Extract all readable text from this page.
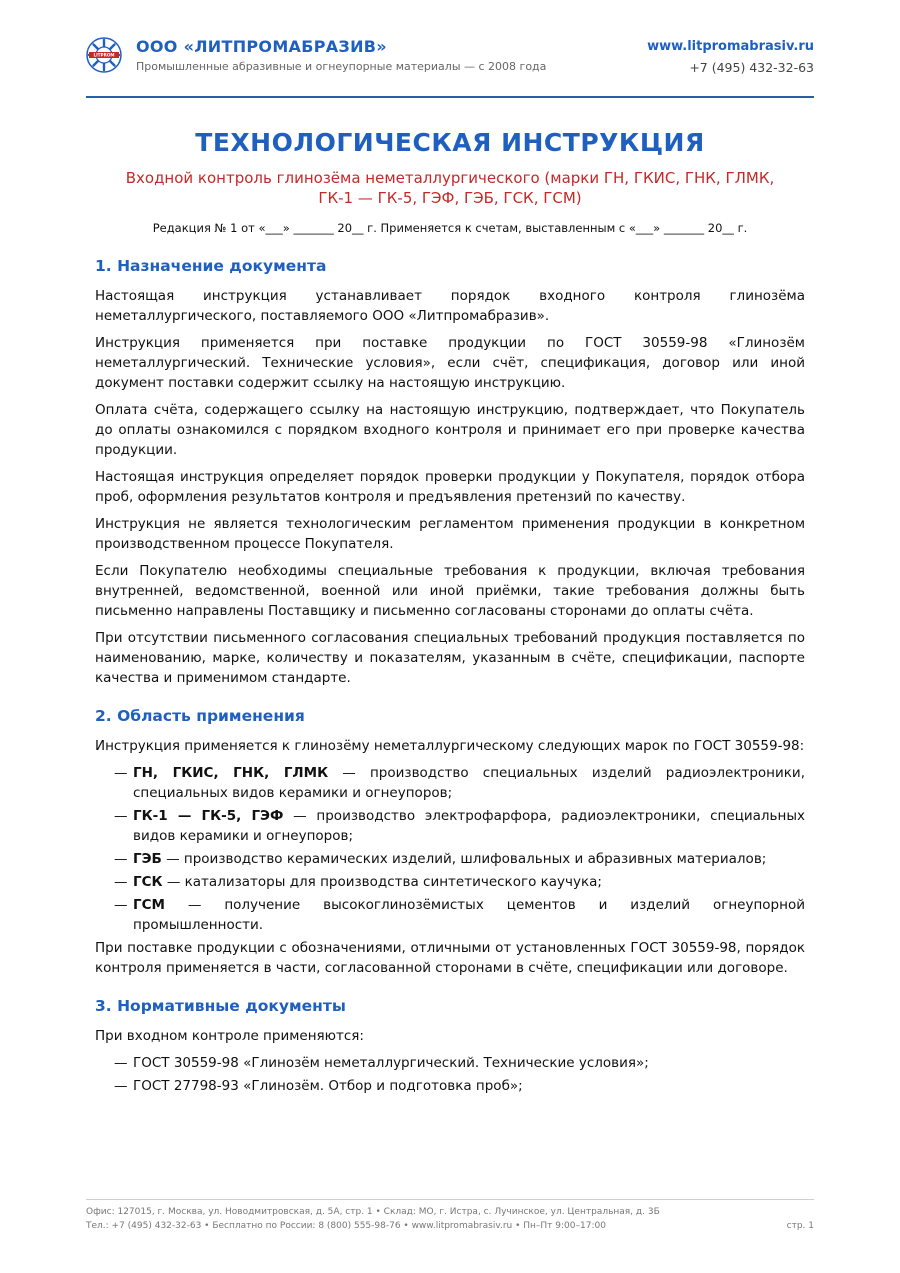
LITPROM ООО «ЛИТПРОМАБРАЗИВ»
Промышленные абразивные и огнеупорные материалы — с 2008 года
www.litpromabrasiv.ru
+7 (495) 432-32-63
ТЕХНОЛОГИЧЕСКАЯ ИНСТРУКЦИЯ
Входной контроль глинозёма неметаллургического (марки ГН, ГКИС, ГНК, ГЛМК,
ГК-1 — ГК-5, ГЭФ, ГЭБ, ГСК, ГСМ)
Редакция № 1 от «___» _______ 20__ г. Применяется к счетам, выставленным с «___» _______ 20__ г.
1. Назначение документа

Настоящая инструкция устанавливает порядок входного контроля глинозёма неметаллургического, поставляемого ООО «Литпромабразив».

Инструкция применяется при поставке продукции по ГОСТ 30559-98 «Глинозём неметаллургический. Технические условия», если счёт, спецификация, договор или иной документ поставки содержит ссылку на настоящую инструкцию.

Оплата счёта, содержащего ссылку на настоящую инструкцию, подтверждает, что Покупатель до оплаты ознакомился с порядком входного контроля и принимает его при проверке качества продукции.

Настоящая инструкция определяет порядок проверки продукции у Покупателя, порядок отбора проб, оформления результатов контроля и предъявления претензий по качеству.

Инструкция не является технологическим регламентом применения продукции в конкретном производственном процессе Покупателя.

Если Покупателю необходимы специальные требования к продукции, включая требования внутренней, ведомственной, военной или иной приёмки, такие требования должны быть письменно направлены Поставщику и письменно согласованы сторонами до оплаты счёта.

При отсутствии письменного согласования специальных требований продукция поставляется по наименованию, марке, количеству и показателям, указанным в счёте, спецификации, паспорте качества и применимом стандарте.

2. Область применения

Инструкция применяется к глинозёму неметаллургическому следующих марок по ГОСТ 30559-98:

— ГН, ГКИС, ГНК, ГЛМК — производство специальных изделий радиоэлектроники, специальных видов керамики и огнеупоров;
— ГК-1 — ГК-5, ГЭФ — производство электрофарфора, радиоэлектроники, специальных видов керамики и огнеупоров;
— ГЭБ — производство керамических изделий, шлифовальных и абразивных материалов;
— ГСК — катализаторы для производства синтетического каучука;
— ГСМ — получение высокоглинозёмистых цементов и изделий огнеупорной промышленности.

При поставке продукции с обозначениями, отличными от установленных ГОСТ 30559-98, порядок контроля применяется в части, согласованной сторонами в счёте, спецификации или договоре.

3. Нормативные документы

При входном контроле применяются:

— ГОСТ 30559-98 «Глинозём неметаллургический. Технические условия»;
— ГОСТ 27798-93 «Глинозём. Отбор и подготовка проб»;
Офис: 127015, г. Москва, ул. Новодмитровская, д. 5А, стр. 1 • Склад: МО, г. Истра, с. Лучинское, ул. Центральная, д. 3Б
Тел.: +7 (495) 432-32-63 • Бесплатно по России: 8 (800) 555-98-76 • www.litpromabrasiv.ru • Пн–Пт 9:00–17:00	стр. 1
